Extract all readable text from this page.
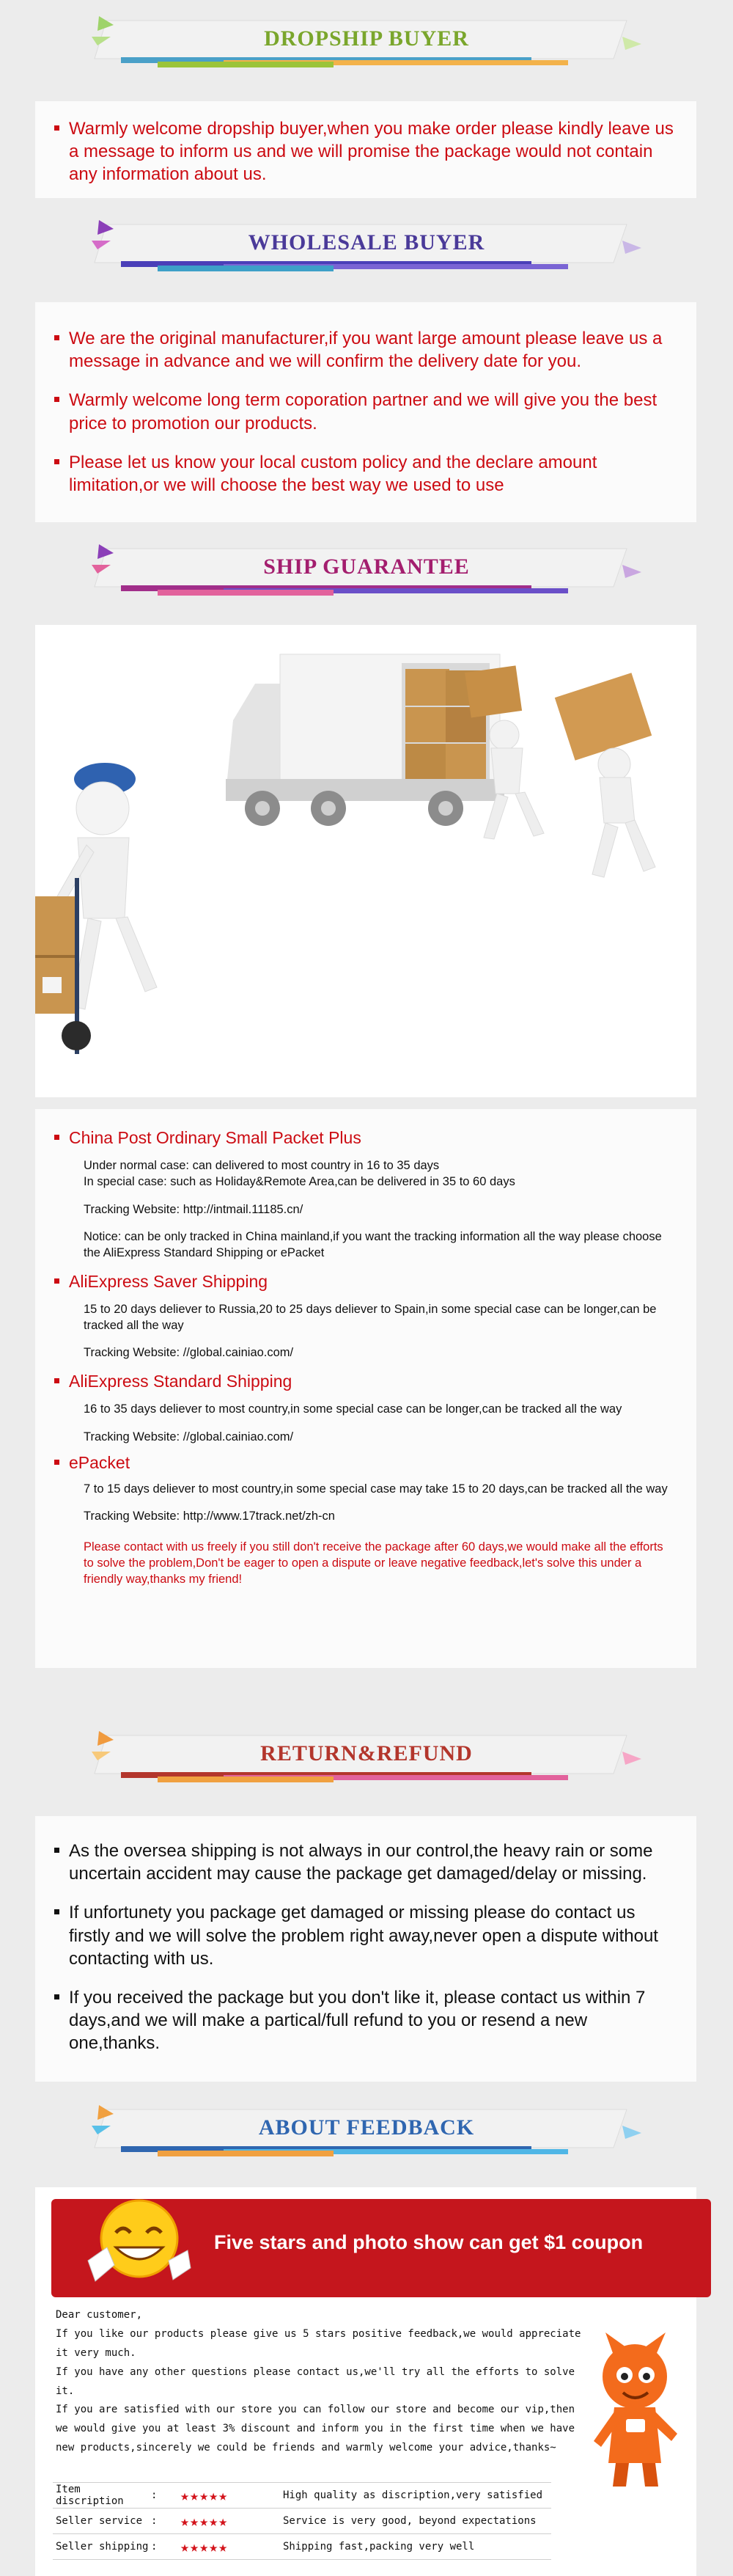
DROPSHIP BUYER
Warmly welcome dropship buyer,when you make order please kindly leave us a message to inform us and we will promise the package would not contain any information about us.
WHOLESALE BUYER
We are the original manufacturer,if you want large amount please leave us a message in advance and we will confirm the delivery date for you.
Warmly welcome long term coporation partner and we will give you the best price to promotion our products.
Please let us know your local custom policy and the declare amount limitation,or we will choose the best way we used to use
SHIP GUARANTEE
China Post Ordinary Small Packet Plus

Under normal case: can delivered to most country in 16 to 35 days

In special case: such as Holiday&Remote Area,can be delivered in 35 to 60 days

Tracking Website: http://intmail.11185.cn/

Notice: can be only tracked in China mainland,if you want the tracking information all the way please choose

the AliExpress Standard Shipping or ePacket

AliExpress Saver Shipping

15 to 20 days deliever to Russia,20 to 25 days deliever to Spain,in some special case can be longer,can be tracked all the way

Tracking Website: //global.cainiao.com/

AliExpress Standard Shipping

16 to 35 days deliever to most country,in some special case can be longer,can be tracked all the way

Tracking Website: //global.cainiao.com/

ePacket

7 to 15 days deliever to most country,in some special case may take 15 to 20 days,can be tracked all the way

Tracking Website: http://www.17track.net/zh-cn

Please contact with us freely if you still don't receive the package after 60 days,we would make all the efforts to solve the problem,Don't be eager to open a dispute or leave negative feedback,let's solve this under a friendly way,thanks my friend!

RETURN&REFUND
As the oversea shipping is not always in our control,the heavy rain or some uncertain accident may cause the package get damaged/delay or missing.
If unfortunety you package get damaged or missing please do contact us firstly and we will solve the problem right away,never open a dispute without contacting with us.
If you received the package but you don't like it, please contact us within 7 days,and we will make a partical/full refund to you or resend a new one,thanks.
ABOUT FEEDBACK
Five stars and photo show can get $1 coupon
Dear customer,
If you like our products please give us 5 stars positive feedback,we would appreciate it very much.
If you have any other questions please contact us,we'll try all the efforts to solve it.
If you are satisfied with our store you can follow our store and become our vip,then we would give you at least 3% discount and inform you in the first time when we have new products,sincerely we could be friends and warmly welcome your advice,thanks~
Item discription	:	★★★★★	High quality as discription,very satisfied
Seller service :	★★★★★	Service is very good, beyond expectations
Seller shipping :	★★★★★	Shipping fast,packing very well
